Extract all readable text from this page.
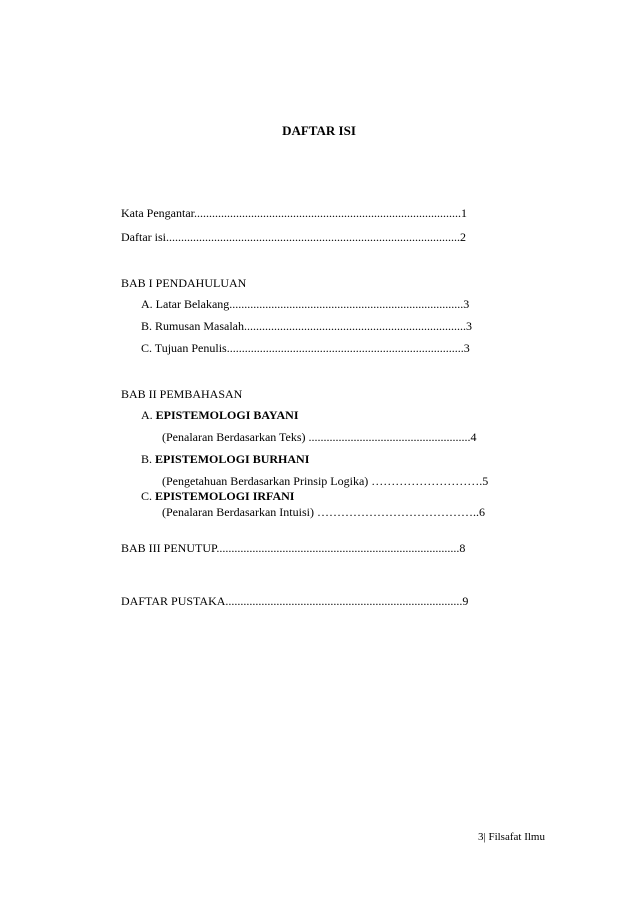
DAFTAR ISI
Kata Pengantar.........................................................................................1
Daftar isi..................................................................................................2
BAB I PENDAHULUAN
A. Latar Belakang..............................................................................3
B. Rumusan Masalah..........................................................................3
C. Tujuan Penulis...............................................................................3
BAB II PEMBAHASAN
A. EPISTEMOLOGI BAYANI
(Penalaran Berdasarkan Teks) ......................................................4
B. EPISTEMOLOGI BURHANI
(Pengetahuan Berdasarkan Prinsip Logika) ……………………….5
C. EPISTEMOLOGI IRFANI
(Penalaran Berdasarkan Intuisi) …………………………………..6
BAB III PENUTUP.................................................................................8
DAFTAR PUSTAKA...............................................................................9
3| Filsafat Ilmu
